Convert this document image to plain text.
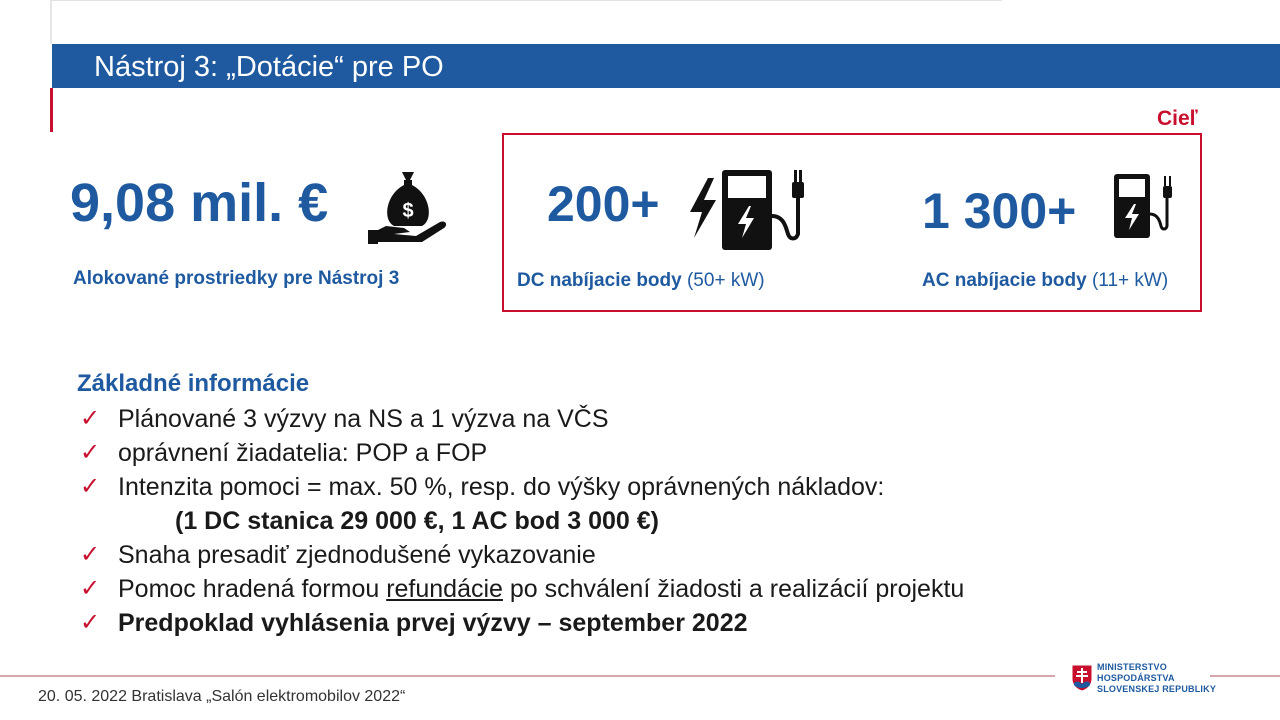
Nástroj 3: „Dotácie“ pre PO
Cieľ
9,08 mil. €	$
Alokované prostriedky pre Nástroj 3
200+
DC nabíjacie body (50+ kW)
1 300+
AC nabíjacie body (11+ kW)
Základné informácie
✓ Plánované 3 výzvy na NS a 1 výzva na VČS
✓ oprávnení žiadatelia: POP a FOP
✓ Intenzita pomoci = max. 50 %, resp. do výšky oprávnených nákladov:
(1 DC stanica 29 000 €, 1 AC bod 3 000 €)
✓ Snaha presadiť zjednodušené vykazovanie
✓ Pomoc hradená formou refundácie po schválení žiadosti a realizácií projektu
✓ Predpoklad vyhlásenia prvej výzvy – september 2022
20. 05. 2022 Bratislava „Salón elektromobilov 2022“
MINISTERSTVO
HOSPODÁRSTVA
SLOVENSKEJ REPUBLIKY
